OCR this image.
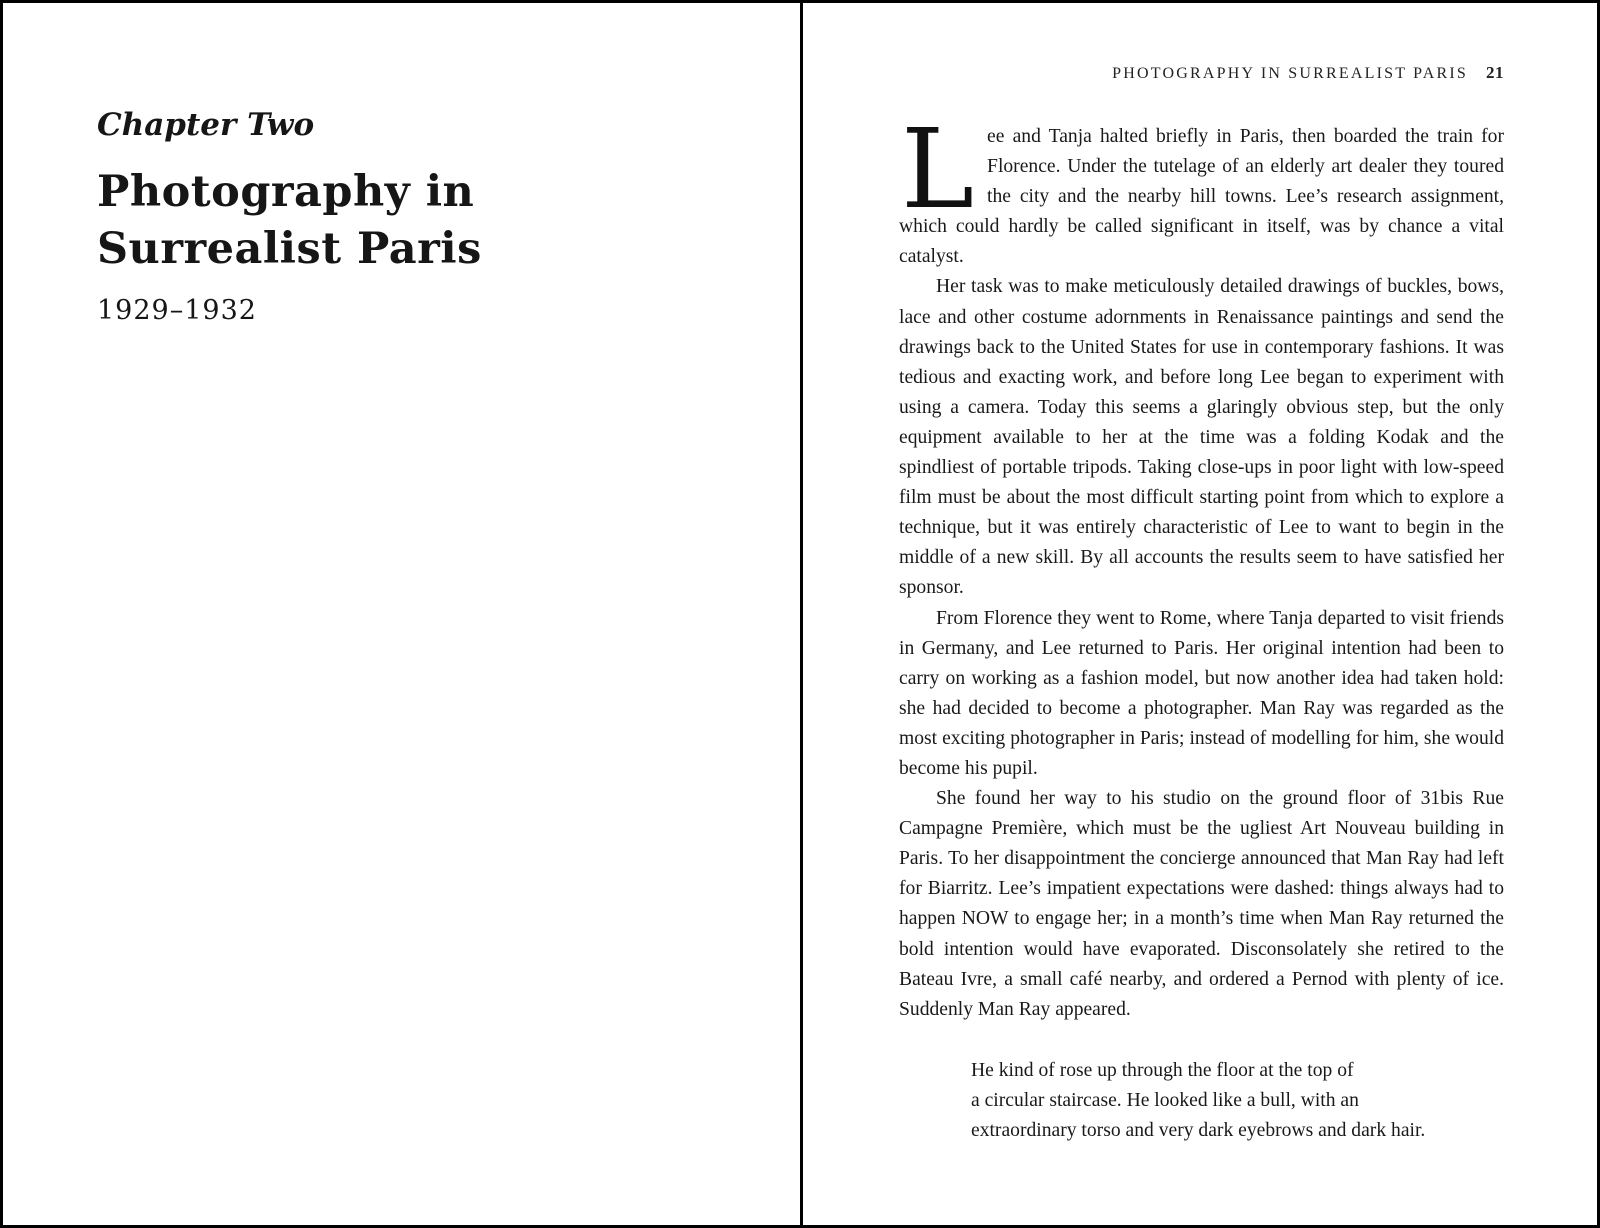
Chapter Two
Photography in
Surrealist Paris
1929–1932
PHOTOGRAPHY IN SURREALIST PARIS 21

Lee and Tanja halted briefly in Paris, then boarded the train for Florence. Under the tutelage of an elderly art dealer they toured the city and the nearby hill towns. Lee’s research assignment, which could hardly be called significant in itself, was by chance a vital catalyst.

Her task was to make meticulously detailed drawings of buckles, bows, lace and other costume adornments in Renaissance paintings and send the drawings back to the United States for use in contemporary fashions. It was tedious and exacting work, and before long Lee began to experiment with using a camera. Today this seems a glaringly obvious step, but the only equipment available to her at the time was a folding Kodak and the spindliest of portable tripods. Taking close-ups in poor light with low-speed film must be about the most difficult starting point from which to explore a technique, but it was entirely characteristic of Lee to want to begin in the middle of a new skill. By all accounts the results seem to have satisfied her sponsor.

From Florence they went to Rome, where Tanja departed to visit friends in Germany, and Lee returned to Paris. Her original intention had been to carry on working as a fashion model, but now another idea had taken hold: she had decided to become a photographer. Man Ray was regarded as the most exciting photographer in Paris; instead of modelling for him, she would become his pupil.

She found her way to his studio on the ground floor of 31bis Rue Campagne Première, which must be the ugliest Art Nouveau building in Paris. To her disappointment the concierge announced that Man Ray had left for Biarritz. Lee’s impatient expectations were dashed: things always had to happen NOW to engage her; in a month’s time when Man Ray returned the bold intention would have evaporated. Disconsolately she retired to the Bateau Ivre, a small café nearby, and ordered a Pernod with plenty of ice. Suddenly Man Ray appeared.

He kind of rose up through the floor at the top of
a circular staircase. He looked like a bull, with an
extraordinary torso and very dark eyebrows and dark hair.
